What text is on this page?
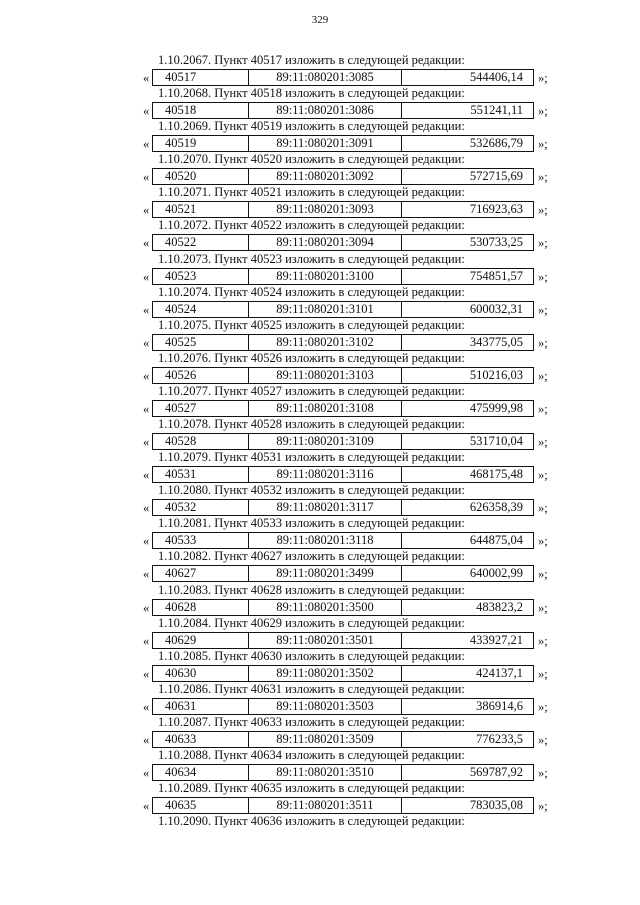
329
1.10.2067. Пункт 40517 изложить в следующей редакции:
«	40517	89:11:080201:3085	544406,14	»;
1.10.2068. Пункт 40518 изложить в следующей редакции:
«	40518	89:11:080201:3086	551241,11	»;
1.10.2069. Пункт 40519 изложить в следующей редакции:
«	40519	89:11:080201:3091	532686,79	»;
1.10.2070. Пункт 40520 изложить в следующей редакции:
«	40520	89:11:080201:3092	572715,69	»;
1.10.2071. Пункт 40521 изложить в следующей редакции:
«	40521	89:11:080201:3093	716923,63	»;
1.10.2072. Пункт 40522 изложить в следующей редакции:
«	40522	89:11:080201:3094	530733,25	»;
1.10.2073. Пункт 40523 изложить в следующей редакции:
«	40523	89:11:080201:3100	754851,57	»;
1.10.2074. Пункт 40524 изложить в следующей редакции:
«	40524	89:11:080201:3101	600032,31	»;
1.10.2075. Пункт 40525 изложить в следующей редакции:
«	40525	89:11:080201:3102	343775,05	»;
1.10.2076. Пункт 40526 изложить в следующей редакции:
«	40526	89:11:080201:3103	510216,03	»;
1.10.2077. Пункт 40527 изложить в следующей редакции:
«	40527	89:11:080201:3108	475999,98	»;
1.10.2078. Пункт 40528 изложить в следующей редакции:
«	40528	89:11:080201:3109	531710,04	»;
1.10.2079. Пункт 40531 изложить в следующей редакции:
«	40531	89:11:080201:3116	468175,48	»;
1.10.2080. Пункт 40532 изложить в следующей редакции:
«	40532	89:11:080201:3117	626358,39	»;
1.10.2081. Пункт 40533 изложить в следующей редакции:
«	40533	89:11:080201:3118	644875,04	»;
1.10.2082. Пункт 40627 изложить в следующей редакции:
«	40627	89:11:080201:3499	640002,99	»;
1.10.2083. Пункт 40628 изложить в следующей редакции:
«	40628	89:11:080201:3500	483823,2	»;
1.10.2084. Пункт 40629 изложить в следующей редакции:
«	40629	89:11:080201:3501	433927,21	»;
1.10.2085. Пункт 40630 изложить в следующей редакции:
«	40630	89:11:080201:3502	424137,1	»;
1.10.2086. Пункт 40631 изложить в следующей редакции:
«	40631	89:11:080201:3503	386914,6	»;
1.10.2087. Пункт 40633 изложить в следующей редакции:
«	40633	89:11:080201:3509	776233,5	»;
1.10.2088. Пункт 40634 изложить в следующей редакции:
«	40634	89:11:080201:3510	569787,92	»;
1.10.2089. Пункт 40635 изложить в следующей редакции:
«	40635	89:11:080201:3511	783035,08	»;
1.10.2090. Пункт 40636 изложить в следующей редакции:
